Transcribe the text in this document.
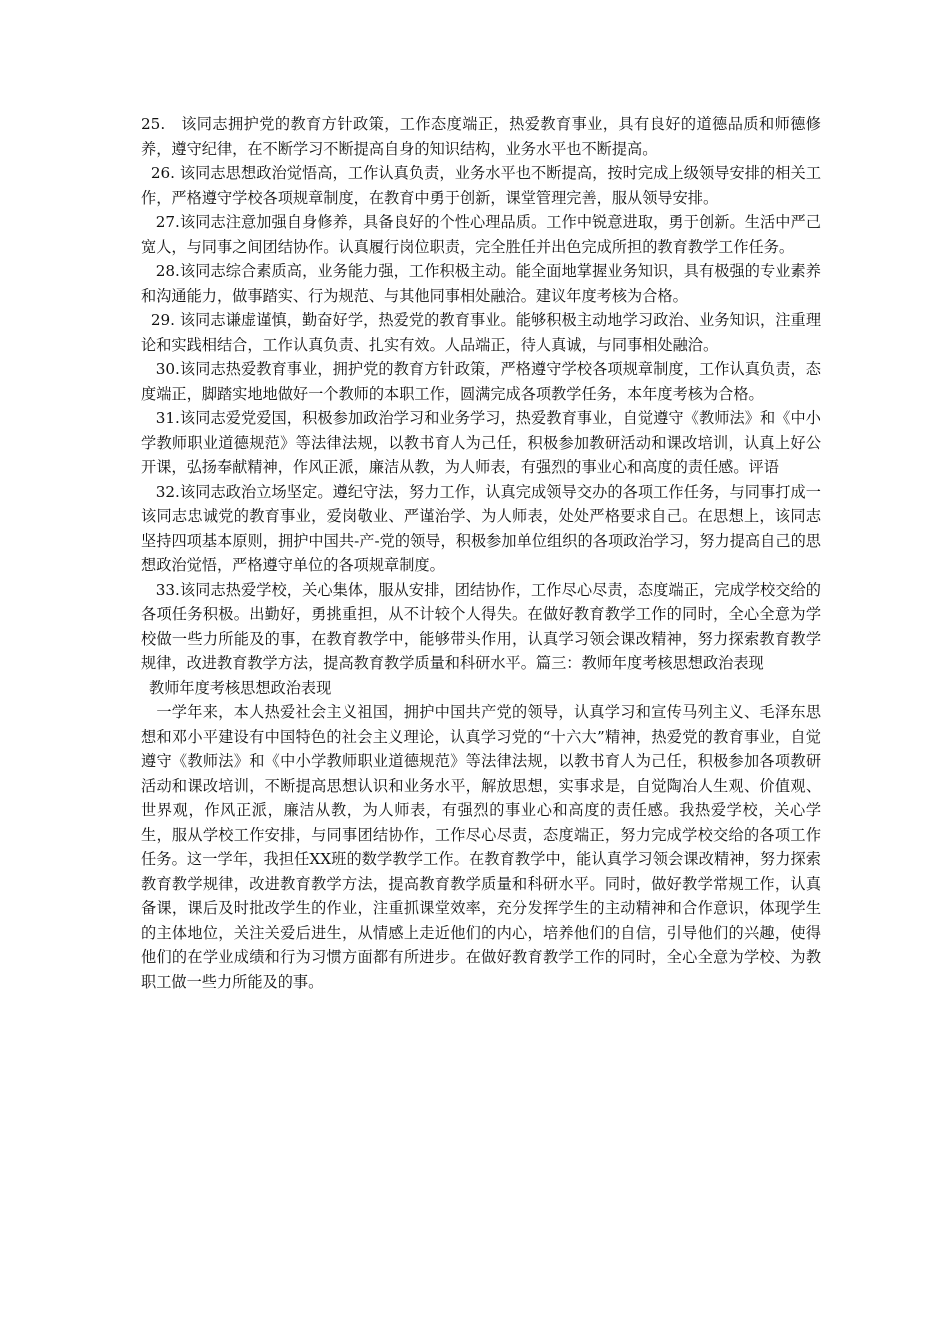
25.　该同志拥护党的教育方针政策，工作态度端正，热爱教育事业，具有良好的道德品质和师德修养，遵守纪律，在不断学习不断提高自身的知识结构，业务水平也不断提高。

26. 该同志思想政治觉悟高，工作认真负责，业务水平也不断提高，按时完成上级领导安排的相关工作，严格遵守学校各项规章制度，在教育中勇于创新，课堂管理完善，服从领导安排。

27.该同志注意加强自身修养，具备良好的个性心理品质。工作中锐意进取，勇于创新。生活中严己宽人，与同事之间团结协作。认真履行岗位职责，完全胜任并出色完成所担的教育教学工作任务。

28.该同志综合素质高，业务能力强，工作积极主动。能全面地掌握业务知识，具有极强的专业素养和沟通能力，做事踏实、行为规范、与其他同事相处融洽。建议年度考核为合格。

29. 该同志谦虚谨慎，勤奋好学，热爱党的教育事业。能够积极主动地学习政治、业务知识，注重理论和实践相结合，工作认真负责、扎实有效。人品端正，待人真诚，与同事相处融洽。

30.该同志热爱教育事业，拥护党的教育方针政策，严格遵守学校各项规章制度，工作认真负责，态度端正，脚踏实地地做好一个教师的本职工作，圆满完成各项教学任务，本年度考核为合格。

31.该同志爱党爱国，积极参加政治学习和业务学习，热爱教育事业，自觉遵守《教师法》和《中小学教师职业道德规范》等法律法规，以教书育人为己任，积极参加教研活动和课改培训，认真上好公开课，弘扬奉献精神，作风正派，廉洁从教，为人师表，有强烈的事业心和高度的责任感。评语

32.该同志政治立场坚定。遵纪守法，努力工作，认真完成领导交办的各项工作任务，与同事打成一该同志忠诚党的教育事业，爱岗敬业、严谨治学、为人师表，处处严格要求自己。在思想上，该同志坚持四项基本原则，拥护中国共-产-党的领导，积极参加单位组织的各项政治学习，努力提高自己的思想政治觉悟，严格遵守单位的各项规章制度。

33.该同志热爱学校，关心集体，服从安排，团结协作，工作尽心尽责，态度端正，完成学校交给的各项任务积极。出勤好，勇挑重担，从不计较个人得失。在做好教育教学工作的同时，全心全意为学校做一些力所能及的事，在教育教学中，能够带头作用，认真学习领会课改精神，努力探索教育教学规律，改进教育教学方法，提高教育教学质量和科研水平。篇三：教师年度考核思想政治表现

教师年度考核思想政治表现

一学年来，本人热爱社会主义祖国，拥护中国共产党的领导，认真学习和宣传马列主义、毛泽东思想和邓小平建设有中国特色的社会主义理论，认真学习党的“十六大”精神，热爱党的教育事业，自觉遵守《教师法》和《中小学教师职业道德规范》等法律法规，以教书育人为己任，积极参加各项教研活动和课改培训，不断提高思想认识和业务水平，解放思想，实事求是，自觉陶冶人生观、价值观、世界观，作风正派，廉洁从教，为人师表，有强烈的事业心和高度的责任感。我热爱学校，关心学生，服从学校工作安排，与同事团结协作，工作尽心尽责，态度端正，努力完成学校交给的各项工作任务。这一学年，我担任XX班的数学教学工作。在教育教学中，能认真学习领会课改精神，努力探索教育教学规律，改进教育教学方法，提高教育教学质量和科研水平。同时，做好教学常规工作，认真备课，课后及时批改学生的作业，注重抓课堂效率，充分发挥学生的主动精神和合作意识，体现学生的主体地位，关注关爱后进生，从情感上走近他们的内心，培养他们的自信，引导他们的兴趣，使得他们的在学业成绩和行为习惯方面都有所进步。在做好教育教学工作的同时，全心全意为学校、为教职工做一些力所能及的事。
